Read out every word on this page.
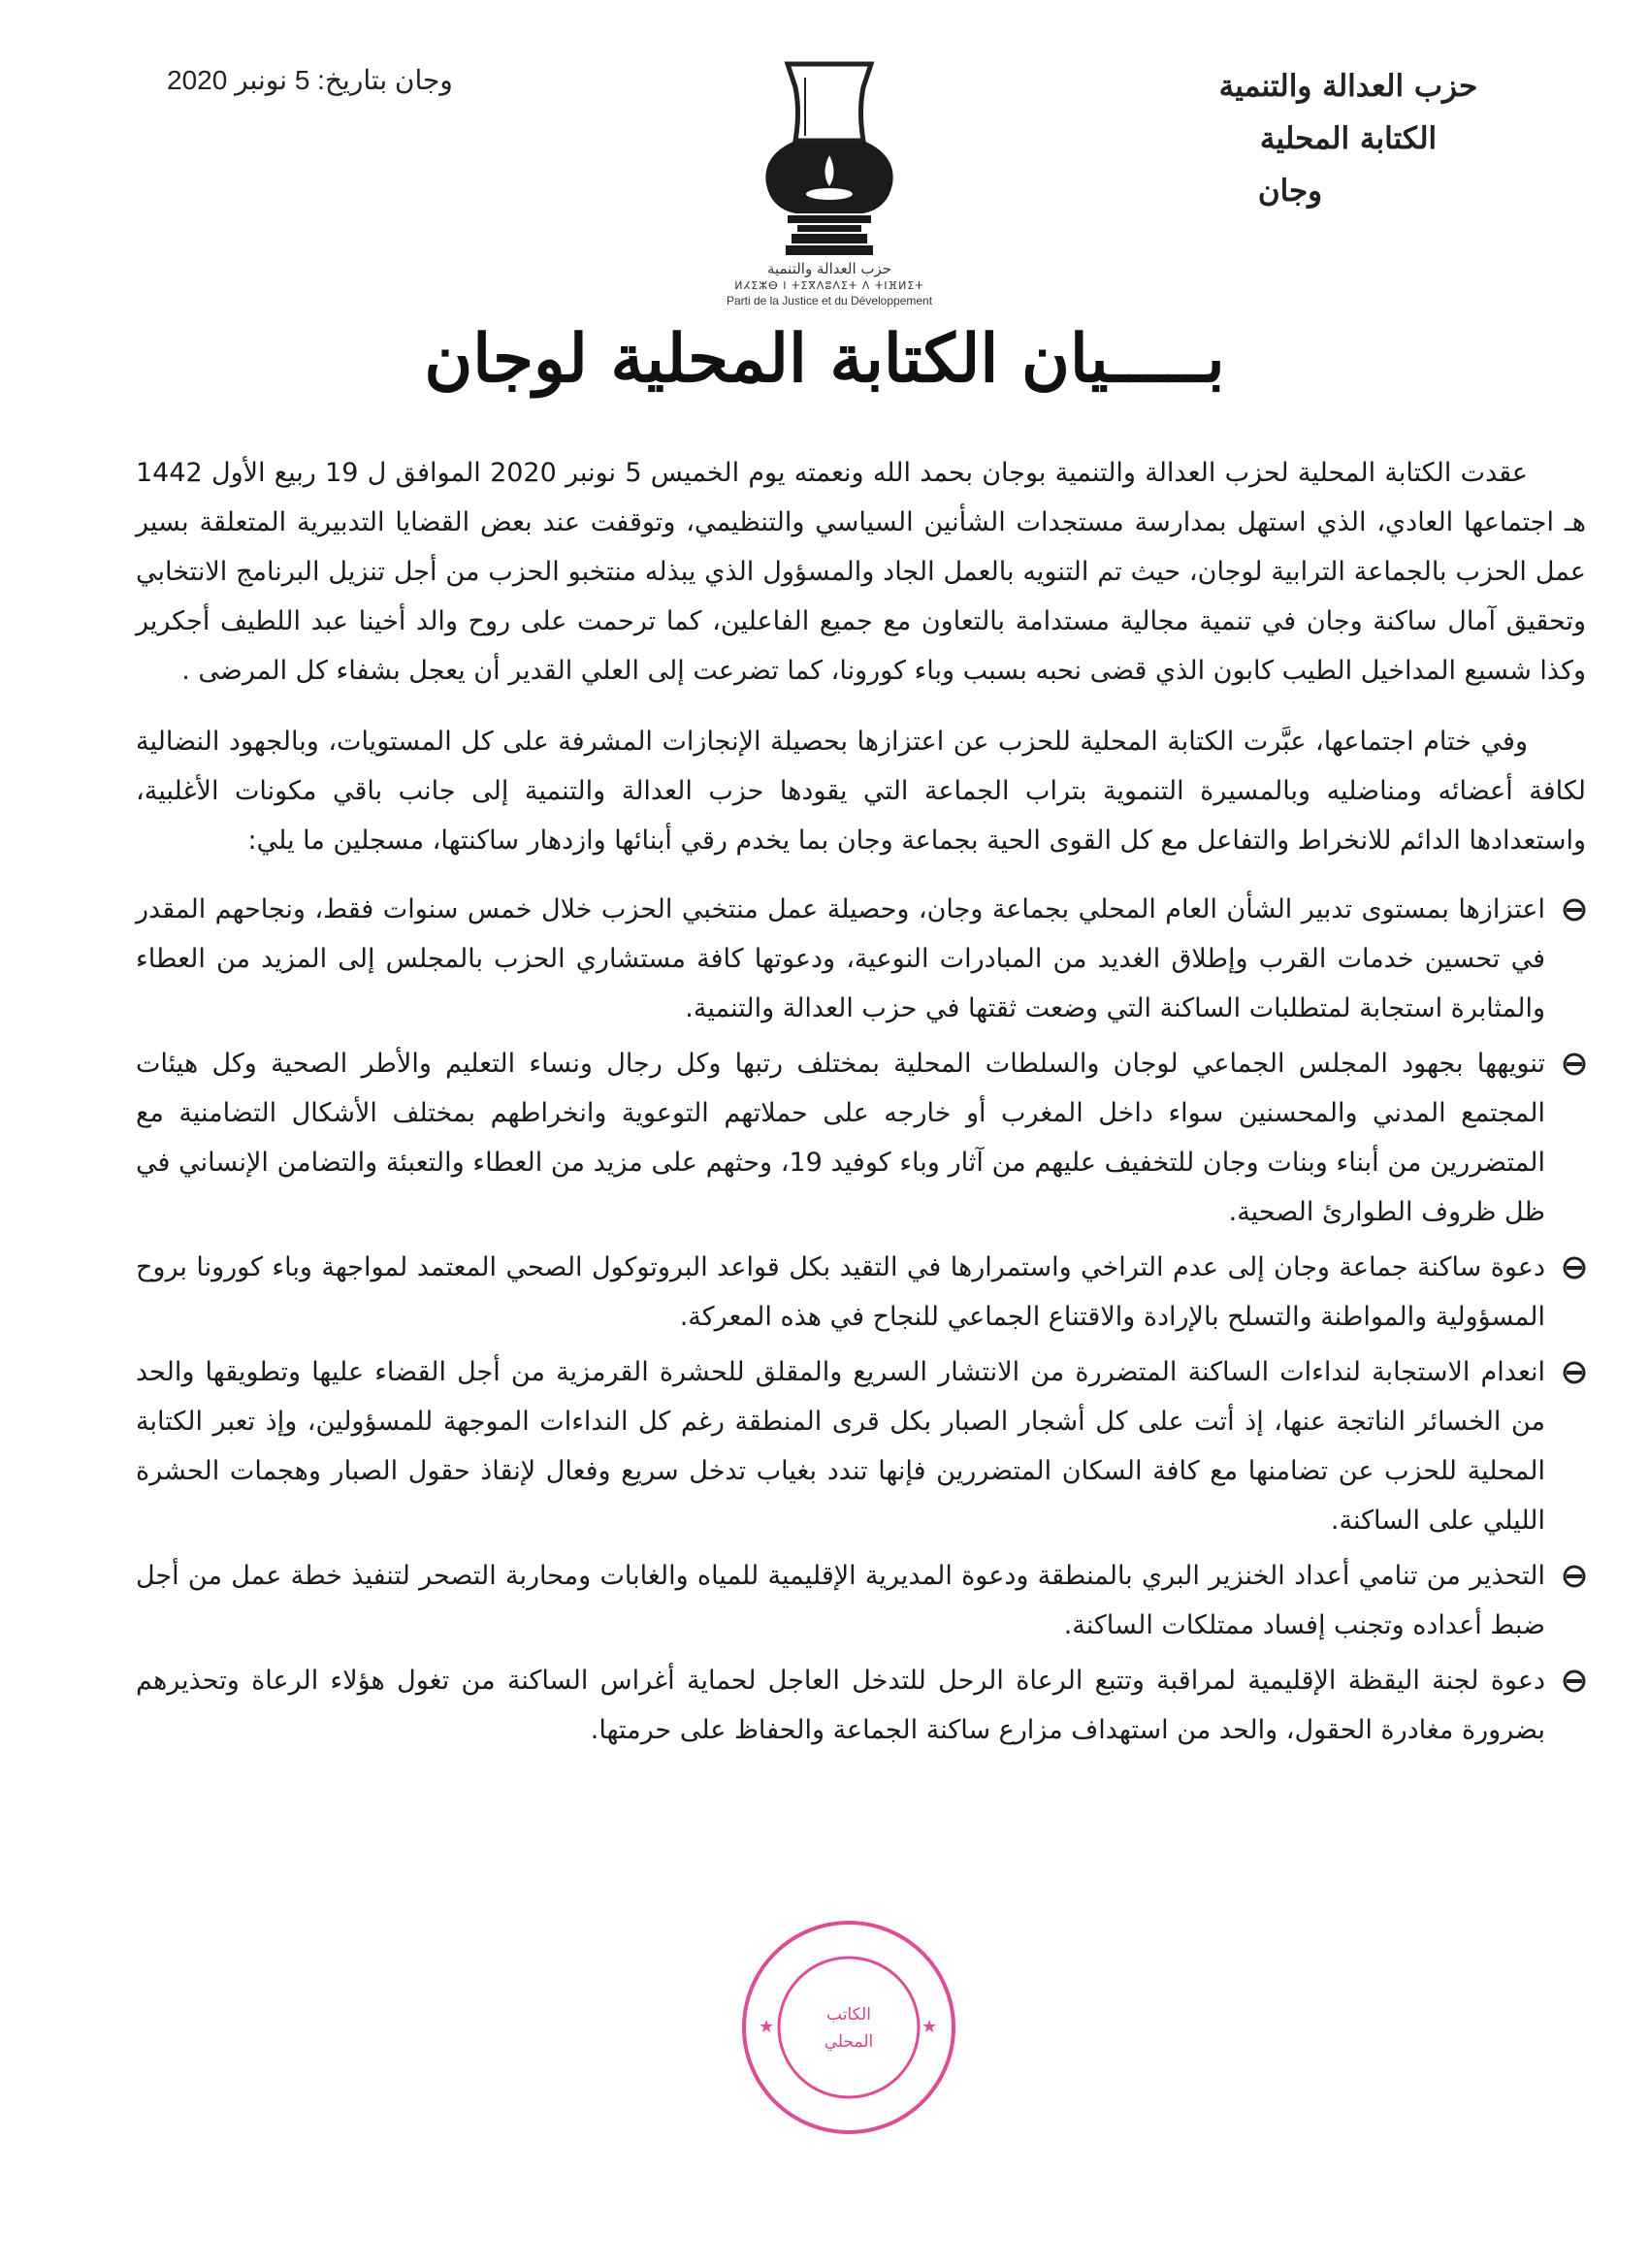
حزب العدالة والتنمية
الكتابة المحلية
وجان
وجان بتاريخ: 5 نونبر 2020
حزب العدالة والتنمية
ⵍⵃⵉⵣⴱ ⵏ ⵜⵉⴳⴷⵓⴷⵉⵜ ⴷ ⵜⵏⴼⵍⵉⵜ
Parti de la Justice et du Développement
بـــــيان الكتابة المحلية لوجان

عقدت الكتابة المحلية لحزب العدالة والتنمية بوجان بحمد الله ونعمته يوم الخميس 5 نونبر 2020 الموافق ل 19 ربيع الأول 1442 هـ اجتماعها العادي، الذي استهل بمدارسة مستجدات الشأنين السياسي والتنظيمي، وتوقفت عند بعض القضايا التدبيرية المتعلقة بسير عمل الحزب بالجماعة الترابية لوجان، حيث تم التنويه بالعمل الجاد والمسؤول الذي يبذله منتخبو الحزب من أجل تنزيل البرنامج الانتخابي وتحقيق آمال ساكنة وجان في تنمية مجالية مستدامة بالتعاون مع جميع الفاعلين، كما ترحمت على روح والد أخينا عبد اللطيف أجكرير وكذا شسيع المداخيل الطيب كابون الذي قضى نحبه بسبب وباء كورونا، كما تضرعت إلى العلي القدير أن يعجل بشفاء كل المرضى .

وفي ختام اجتماعها، عبَّرت الكتابة المحلية للحزب عن اعتزازها بحصيلة الإنجازات المشرفة على كل المستويات، وبالجهود النضالية لكافة أعضائه ومناضليه وبالمسيرة التنموية بتراب الجماعة التي يقودها حزب العدالة والتنمية إلى جانب باقي مكونات الأغلبية، واستعدادها الدائم للانخراط والتفاعل مع كل القوى الحية بجماعة وجان بما يخدم رقي أبنائها وازدهار ساكنتها، مسجلين ما يلي:

اعتزازها بمستوى تدبير الشأن العام المحلي بجماعة وجان، وحصيلة عمل منتخبي الحزب خلال خمس سنوات فقط، ونجاحهم المقدر في تحسين خدمات القرب وإطلاق الغديد من المبادرات النوعية، ودعوتها كافة مستشاري الحزب بالمجلس إلى المزيد من العطاء والمثابرة استجابة لمتطلبات الساكنة التي وضعت ثقتها في حزب العدالة والتنمية.
تنويهها بجهود المجلس الجماعي لوجان والسلطات المحلية بمختلف رتبها وكل رجال ونساء التعليم والأطر الصحية وكل هيئات المجتمع المدني والمحسنين سواء داخل المغرب أو خارجه على حملاتهم التوعوية وانخراطهم بمختلف الأشكال التضامنية مع المتضررين من أبناء وبنات وجان للتخفيف عليهم من آثار وباء كوفيد 19، وحثهم على مزيد من العطاء والتعبئة والتضامن الإنساني في ظل ظروف الطوارئ الصحية.
دعوة ساكنة جماعة وجان إلى عدم التراخي واستمرارها في التقيد بكل قواعد البروتوكول الصحي المعتمد لمواجهة وباء كورونا بروح المسؤولية والمواطنة والتسلح بالإرادة والاقتناع الجماعي للنجاح في هذه المعركة.
انعدام الاستجابة لنداءات الساكنة المتضررة من الانتشار السريع والمقلق للحشرة القرمزية من أجل القضاء عليها وتطويقها والحد من الخسائر الناتجة عنها، إذ أتت على كل أشجار الصبار بكل قرى المنطقة رغم كل النداءات الموجهة للمسؤولين، وإذ تعبر الكتابة المحلية للحزب عن تضامنها مع كافة السكان المتضررين فإنها تندد بغياب تدخل سريع وفعال لإنقاذ حقول الصبار وهجمات الحشرة الليلي على الساكنة.
التحذير من تنامي أعداد الخنزير البري بالمنطقة ودعوة المديرية الإقليمية للمياه والغابات ومحاربة التصحر لتنفيذ خطة عمل من أجل ضبط أعداده وتجنب إفساد ممتلكات الساكنة.
دعوة لجنة اليقظة الإقليمية لمراقبة وتتبع الرعاة الرحل للتدخل العاجل لحماية أغراس الساكنة من تغول هؤلاء الرعاة وتحذيرهم بضرورة مغادرة الحقول، والحد من استهداف مزارع ساكنة الجماعة والحفاظ على حرمتها.
★	★
الكاتب
المحلي
